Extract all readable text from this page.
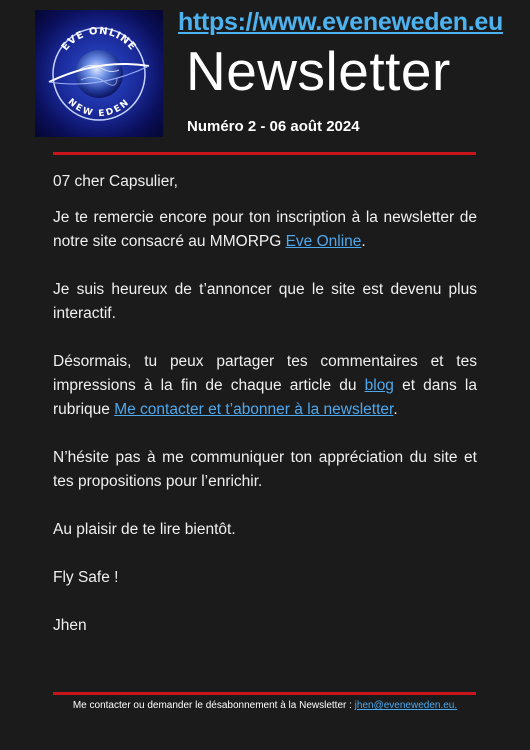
EVE ONLINE
NEW EDEN
https://www.eveneweden.eu
Newsletter
Numéro 2 - 06 août 2024

07 cher Capsulier,

Je te remercie encore pour ton inscription à la newsletter de notre site consacré au MMORPG Eve Online.

Je suis heureux de t’annoncer que le site est devenu plus interactif.

Désormais, tu peux partager tes commentaires et tes impressions à la fin de chaque article du blog et dans la rubrique Me contacter et t’abonner à la newsletter.

N’hésite pas à me communiquer ton appréciation du site et tes propositions pour l’enrichir.

Au plaisir de te lire bientôt.

Fly Safe !

Jhen

Me contacter ou demander le désabonnement à la Newsletter : jhen@eveneweden.eu.
